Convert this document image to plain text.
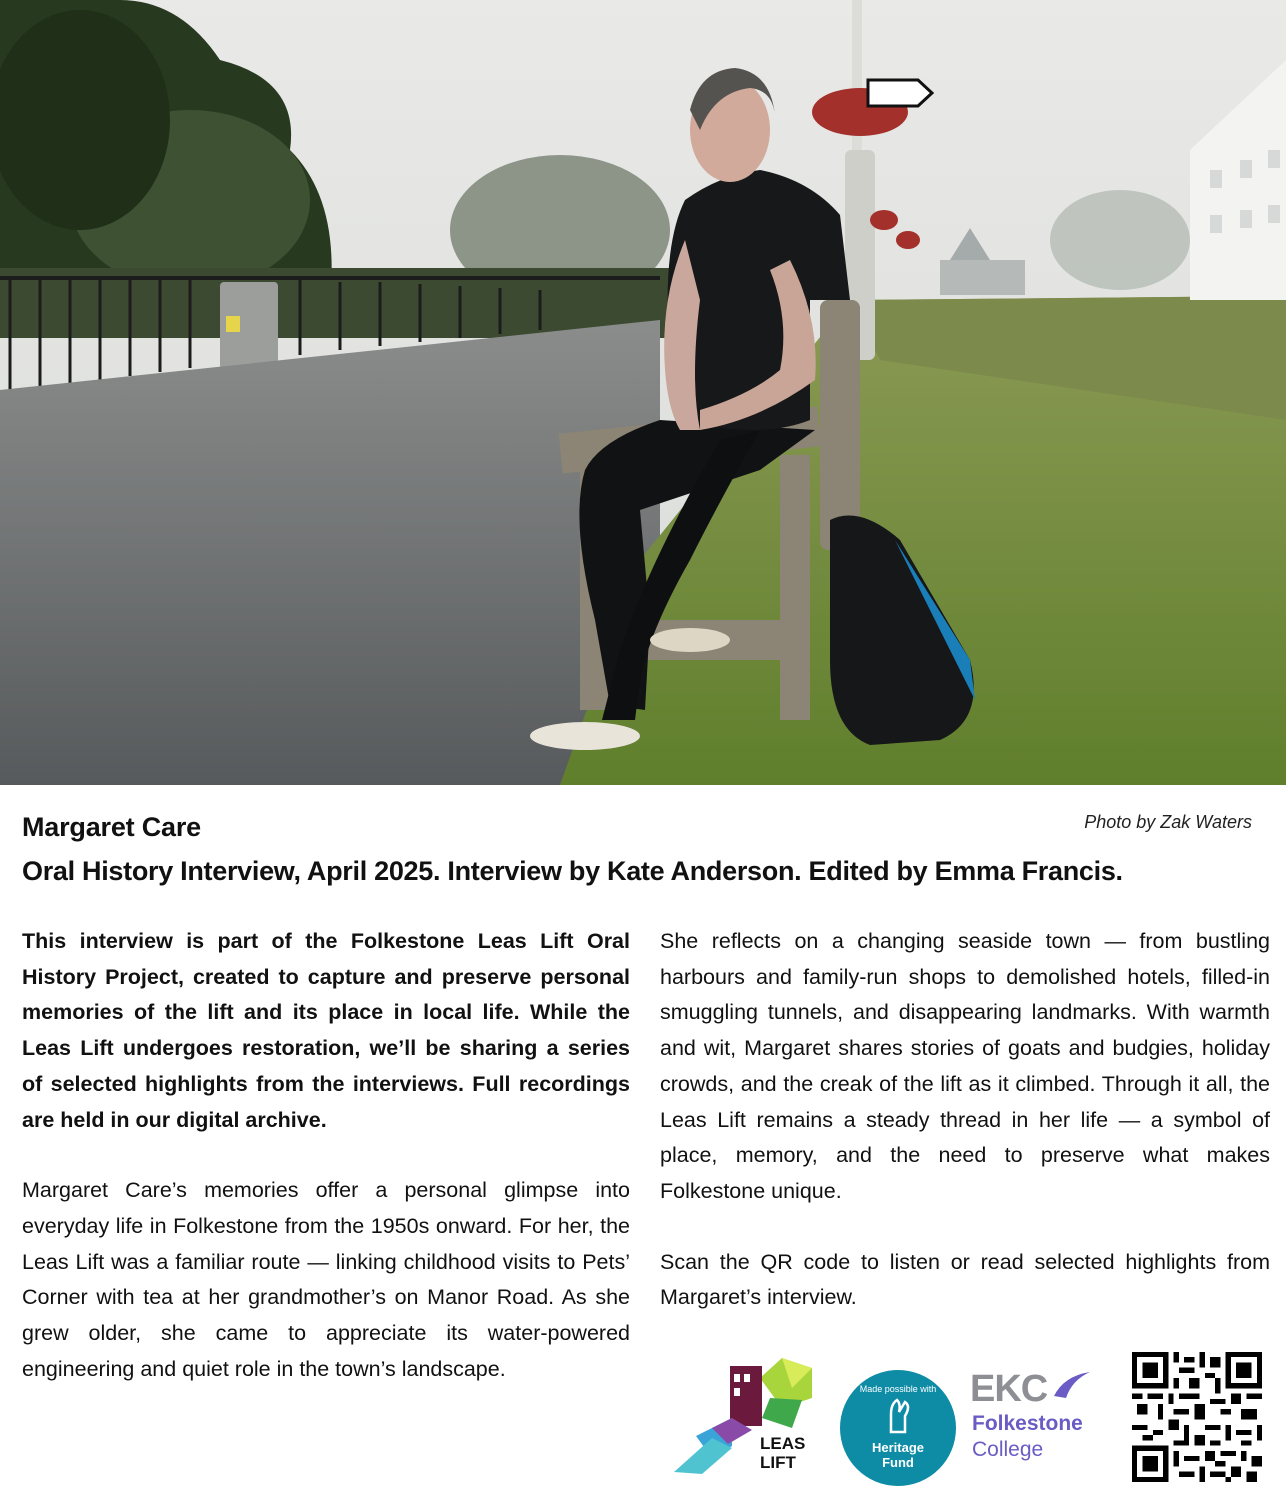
Margaret Care	Photo by Zak Waters
Oral History Interview, April 2025. Interview by Kate Anderson. Edited by Emma Francis.

This interview is part of the Folkestone Leas Lift Oral History Project, created to capture and preserve personal memories of the lift and its place in local life. While the Leas Lift undergoes restoration, we’ll be sharing a series of selected highlights from the interviews. Full recordings are held in our digital archive.

Margaret Care’s memories offer a personal glimpse into everyday life in Folkestone from the 1950s onward. For her, the Leas Lift was a familiar route — linking childhood visits to Pets’ Corner with tea at her grandmother’s on Manor Road. As she grew older, she came to appreciate its water-powered engineering and quiet role in the town’s landscape.

She reflects on a changing seaside town — from bustling harbours and family-run shops to demolished hotels, filled-in smuggling tunnels, and disappearing landmarks. With warmth and wit, Margaret shares stories of goats and budgies, holiday crowds, and the creak of the lift as it climbed. Through it all, the Leas Lift remains a steady thread in her life — a symbol of place, memory, and the need to preserve what makes Folkestone unique.

Scan the QR code to listen or read selected highlights from Margaret’s interview.

LEAS
LIFT
Made possible with
Heritage
Fund
EKC
Folkestone
College
